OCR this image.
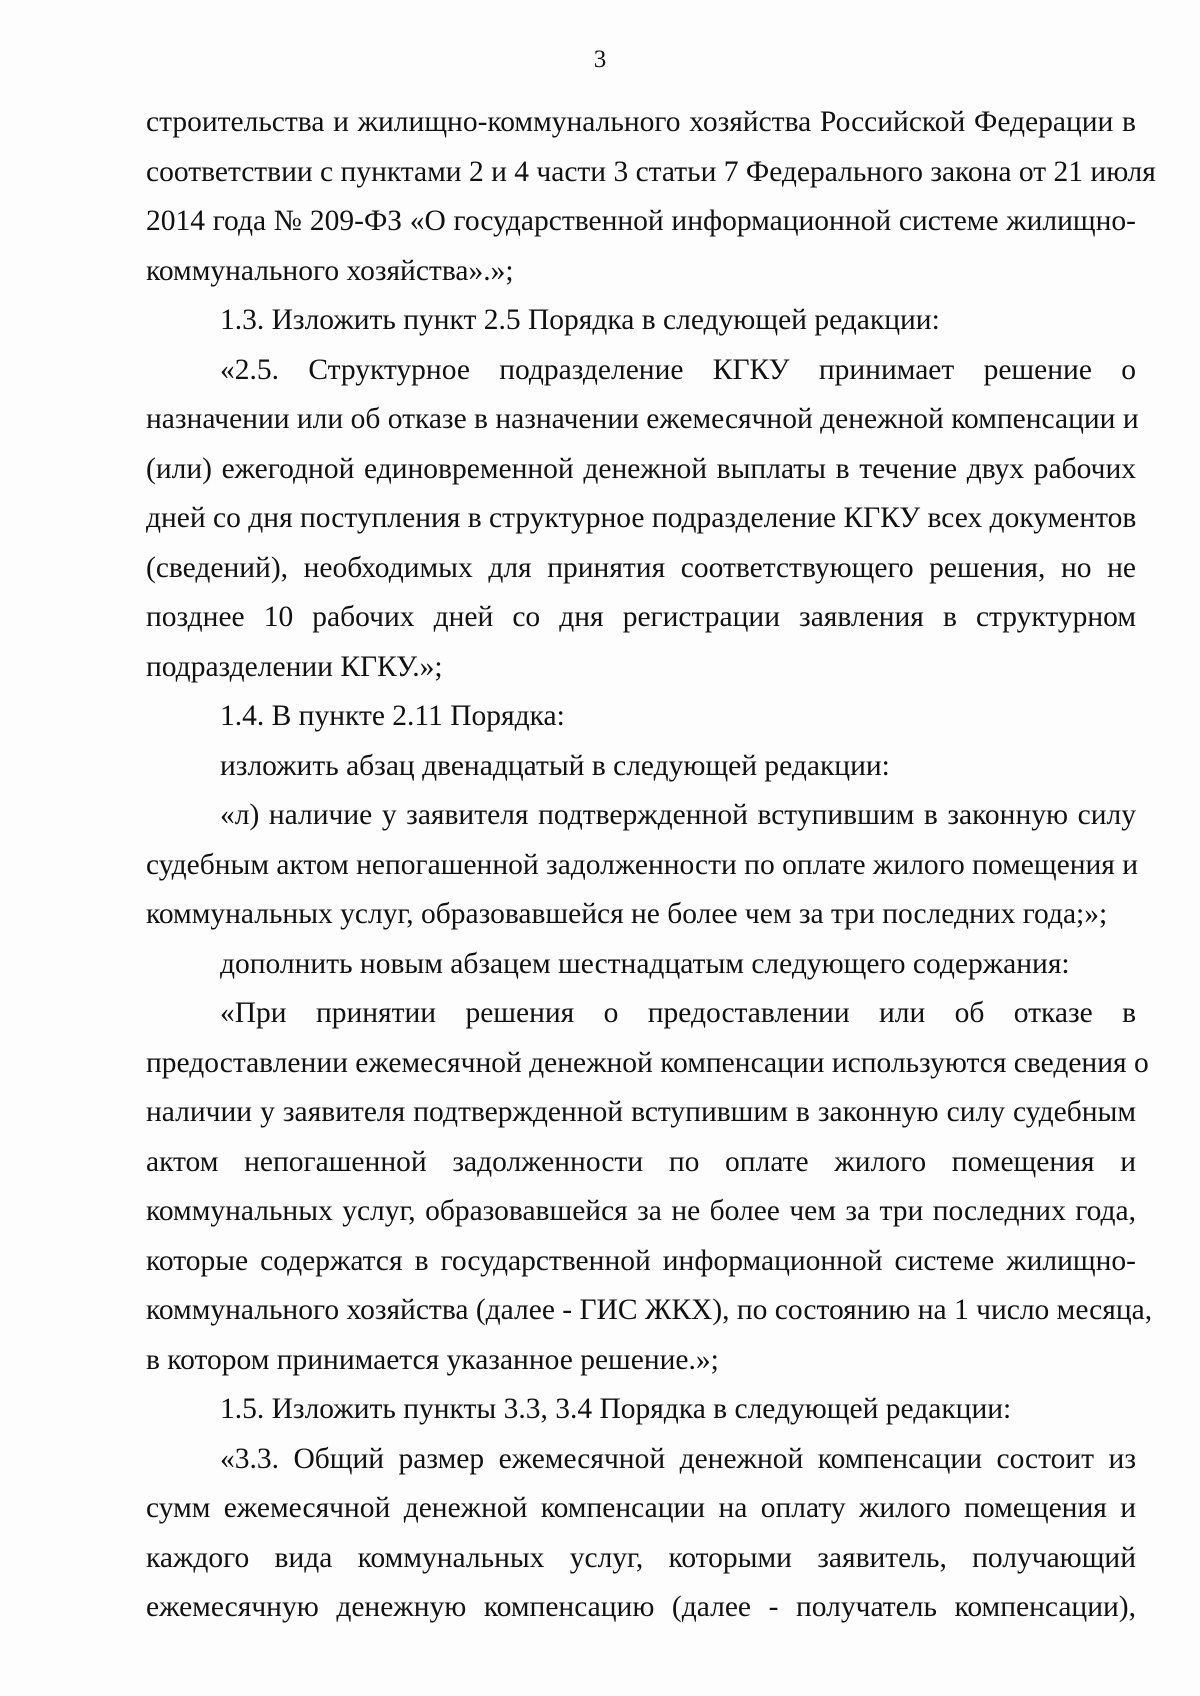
3
строительства и жилищно-коммунального хозяйства Российской Федерации в
соответствии с пунктами 2 и 4 части 3 статьи 7 Федерального закона от 21 июля
2014 года № 209-ФЗ «О государственной информационной системе жилищно-
коммунального хозяйства».»;
1.3. Изложить пункт 2.5 Порядка в следующей редакции:
«2.5. Структурное подразделение КГКУ принимает решение о
назначении или об отказе в назначении ежемесячной денежной компенсации и
(или) ежегодной единовременной денежной выплаты в течение двух рабочих
дней со дня поступления в структурное подразделение КГКУ всех документов
(сведений), необходимых для принятия соответствующего решения, но не
позднее 10 рабочих дней со дня регистрации заявления в структурном
подразделении КГКУ.»;
1.4. В пункте 2.11 Порядка:
изложить абзац двенадцатый в следующей редакции:
«л) наличие у заявителя подтвержденной вступившим в законную силу
судебным актом непогашенной задолженности по оплате жилого помещения и
коммунальных услуг, образовавшейся не более чем за три последних года;»;
дополнить новым абзацем шестнадцатым следующего содержания:
«При принятии решения о предоставлении или об отказе в
предоставлении ежемесячной денежной компенсации используются сведения о
наличии у заявителя подтвержденной вступившим в законную силу судебным
актом непогашенной задолженности по оплате жилого помещения и
коммунальных услуг, образовавшейся за не более чем за три последних года,
которые содержатся в государственной информационной системе жилищно-
коммунального хозяйства (далее - ГИС ЖКХ), по состоянию на 1 число месяца,
в котором принимается указанное решение.»;
1.5. Изложить пункты 3.3, 3.4 Порядка в следующей редакции:
«3.3. Общий размер ежемесячной денежной компенсации состоит из
сумм ежемесячной денежной компенсации на оплату жилого помещения и
каждого вида коммунальных услуг, которыми заявитель, получающий
ежемесячную денежную компенсацию (далее - получатель компенсации),
